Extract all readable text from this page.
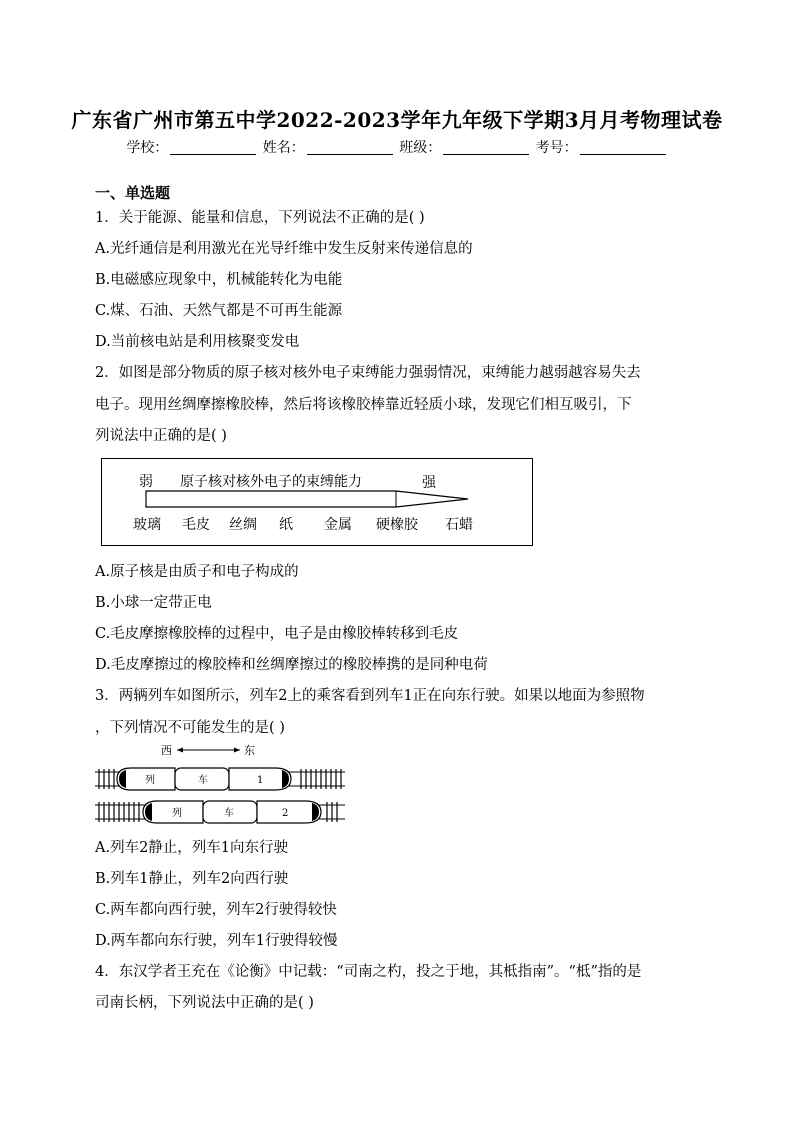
广东省广州市第五中学2022-2023学年九年级下学期3月月考物理试卷
学校：	姓名：	班级：	考号：
一、单选题
1．关于能源、能量和信息，下列说法不正确的是( )
A.光纤通信是利用激光在光导纤维中发生反射来传递信息的
B.电磁感应现象中，机械能转化为电能
C.煤、石油、天然气都是不可再生能源
D.当前核电站是利用核聚变发电
2．如图是部分物质的原子核对核外电子束缚能力强弱情况，束缚能力越弱越容易失去
电子。现用丝绸摩擦橡胶棒，然后将该橡胶棒靠近轻质小球，发现它们相互吸引，下
列说法中正确的是( )
弱 原子核对核外电子的束缚能力	强
玻璃 毛皮 丝绸 纸 金属 硬橡胶 石蜡
A.原子核是由质子和电子构成的
B.小球一定带正电
C.毛皮摩擦橡胶棒的过程中，电子是由橡胶棒转移到毛皮
D.毛皮摩擦过的橡胶棒和丝绸摩擦过的橡胶棒携的是同种电荷
3．两辆列车如图所示，列车2上的乘客看到列车1正在向东行驶。如果以地面为参照物
，下列情况不可能发生的是( )
西	东
列	车	1
列	车	2
A.列车2静止，列车1向东行驶
B.列车1静止，列车2向西行驶
C.两车都向西行驶，列车2行驶得较快
D.两车都向东行驶，列车1行驶得较慢
4．东汉学者王充在《论衡》中记载：“司南之杓，投之于地，其柢指南”。“柢”指的是
司南长柄，下列说法中正确的是( )
